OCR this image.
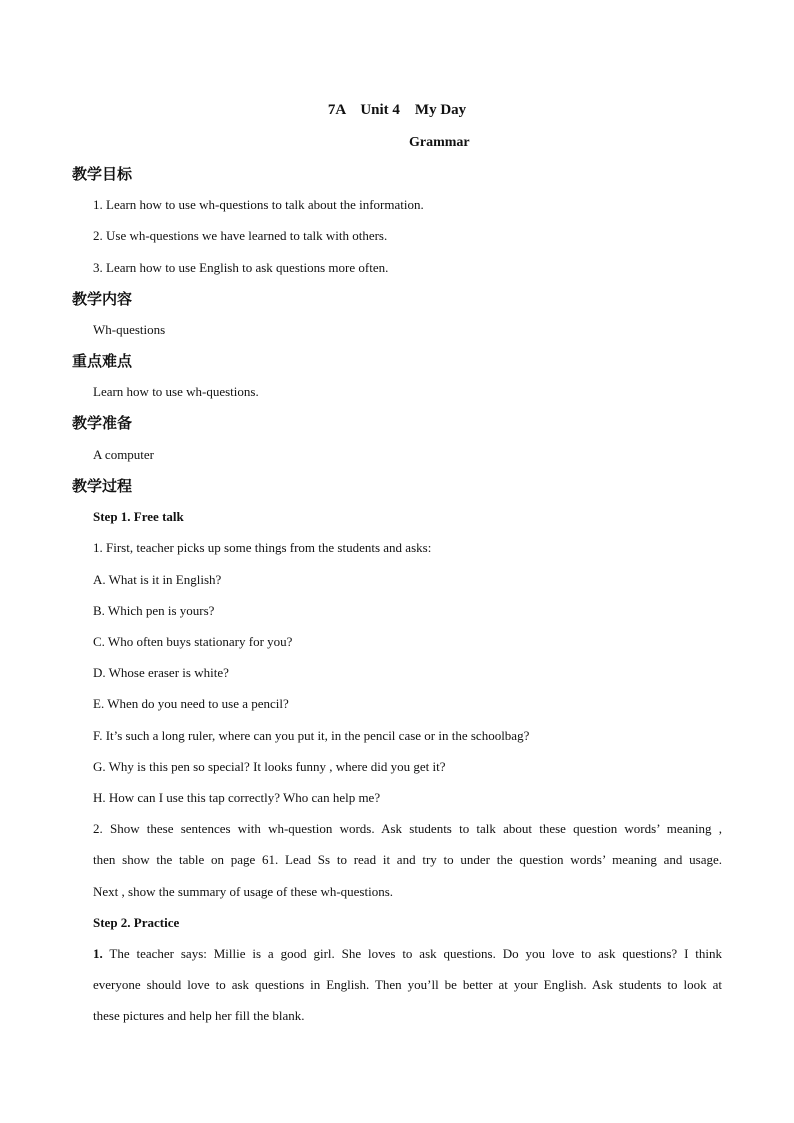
7A    Unit 4    My Day
Grammar
教学目标
1. Learn how to use wh-questions to talk about the information.
2. Use wh-questions we have learned to talk with others.
3. Learn how to use English to ask questions more often.
教学内容
Wh-questions
重点难点
Learn how to use wh-questions.
教学准备
A computer
教学过程
Step 1. Free talk
1. First, teacher picks up some things from the students and asks:
A. What is it in English?
B. Which pen is yours?
C. Who often buys stationary for you?
D. Whose eraser is white?
E. When do you need to use a pencil?
F. It’s such a long ruler, where can you put it, in the pencil case or in the schoolbag?
G. Why is this pen so special? It looks funny , where did you get it?
H. How can I use this tap correctly? Who can help me?
2. Show these sentences with wh-question words. Ask students to talk about these question words’ meaning ,
then show the table on page 61. Lead Ss to read it and try to under the question words’ meaning and usage.
Next , show the summary of usage of these wh-questions.
Step 2. Practice
1. The teacher says: Millie is a good girl. She loves to ask questions. Do you love to ask questions? I think
everyone should love to ask questions in English. Then you’ll be better at your English. Ask students to look at
these pictures and help her fill the blank.
